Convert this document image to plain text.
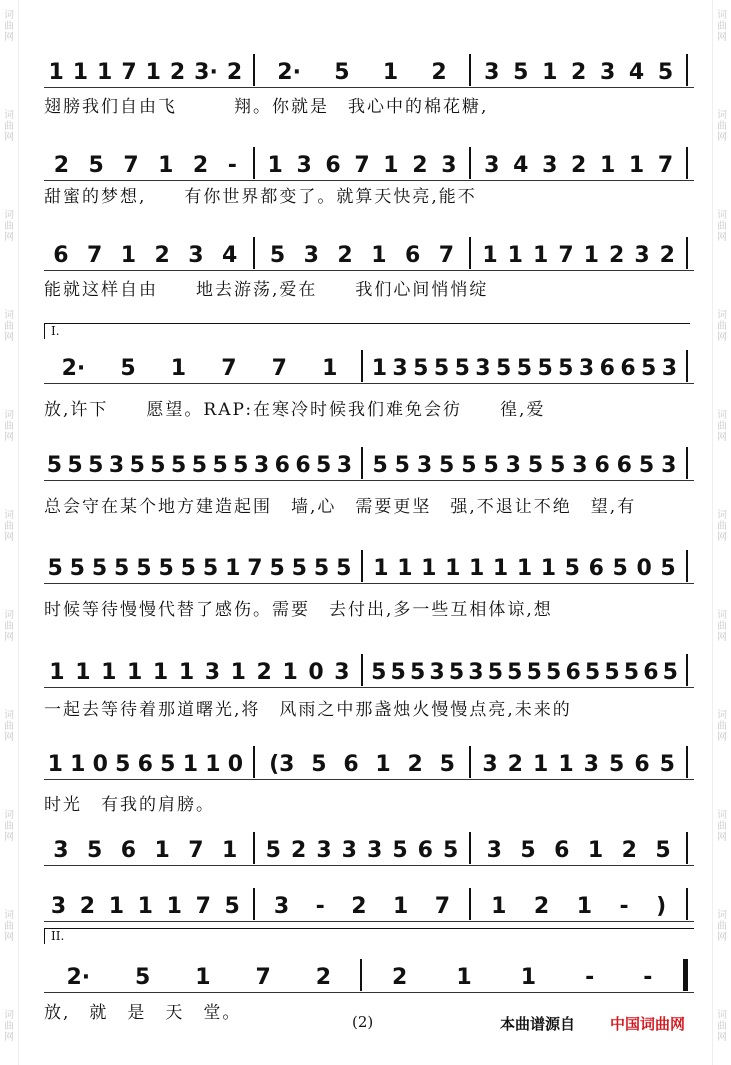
词
曲
网
词
曲
网
词
曲
网
词
曲
网
词
曲
网
词
曲
网
词
曲
网
词
曲
网
词
曲
网
词
曲
网
词
曲
网
词
曲
网
词
曲
网
词
曲
网
词
曲
网
词
曲
网
词
曲
网
词
曲
网
词
曲
网
词
曲
网
词
曲
网
词
曲
网
I.
II.
1 1 1 7 1 2 3· 2 2· 5 1 2 3 5 1 2 3 4 5
2 5 7 1 2 - 1 3 6 7 1 2 3 3 4 3 2 1 1 7
6 7 1 2 3 4 5 3 2 1 6 7 1 1 1 7 1 2 3 2
2· 5 1 7 7 1 1 3 5 5 5 3 5 5 5 5 3 6 6 5 3
5 5 5 3 5 5 5 5 5 5 3 6 6 5 3 5 5 3 5 5 5 3 5 5 3 6 6 5 3
5 5 5 5 5 5 5 5 1 7 5 5 5 5 1 1 1 1 1 1 1 1 5 6 5 0 5
1 1 1 1 1 1 3 1 2 1 0 3 5 5 5 3 5 3 5 5 5 5 6 5 5 5 6 5
1 1 0 5 6 5 1 1 0 (3 5 6 1 2 5 3 2 1 1 3 5 6 5
3 5 6 1 7 1 5 2 3 3 3 5 6 5 3 5 6 1 2 5
3 2 1 1 1 7 5 3 - 2 1 7 1 2 1 - )
2· 5 1 7 2	2 1 1 - -
翅膀我们自由飞　　　翔。你就是　我心中的棉花糖,
甜蜜的梦想,　　有你世界都变了。就算天快亮,能不
能就这样自由　　地去游荡,爱在　　我们心间悄悄绽
放,许下　　愿望。RAP:在寒冷时候我们难免会彷　　徨,爱
总会守在某个地方建造起围　墙,心　需要更坚　强,不退让不绝　望,有
时候等待慢慢代替了感伤。需要　去付出,多一些互相体谅,想
一起去等待着那道曙光,将　风雨之中那盏烛火慢慢点亮,未来的
时光　有我的肩膀。
放,　就　是　天　堂。	(2)	本曲谱源自 中国词曲网
